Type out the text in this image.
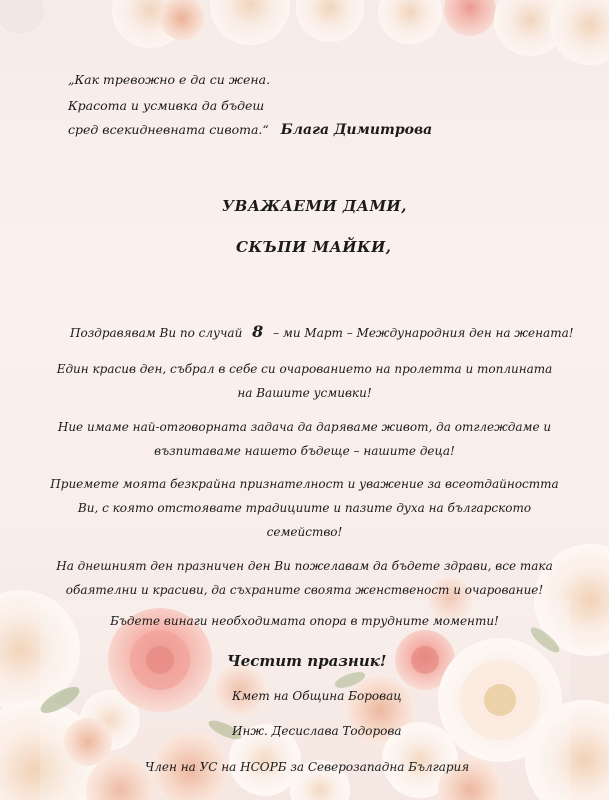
„Как тревожно е да си жена.
Красота и усмивка да бъдеш
сред всекидневната сивота.“ Блага Димитрова
УВАЖАЕМИ ДАМИ,
СКЪПИ МАЙКИ,
Поздравявам Ви по случай 8 – ми Март – Международния ден на жената!
Един красив ден, събрал в себе си очарованието на пролетта и топлината
на Вашите усмивки!
Ние имаме най-отговорната задача да даряваме живот, да отглеждаме и
възпитаваме нашето бъдеще – нашите деца!
Приемете моята безкрайна признателност и уважение за всеотдайността
Ви, с която отстоявате традициите и пазите духа на българското
семейство!
На днешният ден празничен ден Ви пожелавам да бъдете здрави, все така
обаятелни и красиви, да съхраните своята женственост и очарование!
Бъдете винаги необходимата опора в трудните моменти!
Честит празник!
Кмет на Община Боровац
Инж. Десислава Тодорова
Член на УС на НСОРБ за Северозападна България
